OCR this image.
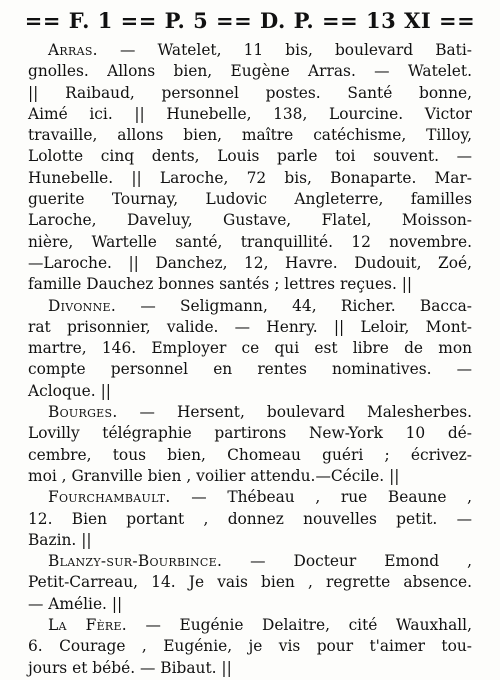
== F. 1 == P. 5 == D. P. == 13 XI ==
Arras. — Watelet, 11 bis, boulevard Bati-
gnolles. Allons bien, Eugène Arras. — Watelet.
|| Raibaud, personnel postes. Santé bonne,
Aimé ici. || Hunebelle, 138, Lourcine. Victor
travaille, allons bien, maître catéchisme, Tilloy,
Lolotte cinq dents, Louis parle toi souvent. —
Hunebelle. || Laroche, 72 bis, Bonaparte. Mar-
guerite Tournay, Ludovic Angleterre, familles
Laroche, Daveluy, Gustave, Flatel, Moisson-
nière, Wartelle santé, tranquillité. 12 novembre.
—Laroche. || Danchez, 12, Havre. Dudouit, Zoé,
famille Dauchez bonnes santés ; lettres reçues. ||
Divonne. — Seligmann, 44, Richer. Bacca-
rat prisonnier, valide. — Henry. || Leloir, Mont-
martre, 146. Employer ce qui est libre de mon
compte personnel en rentes nominatives. —
Acloque. ||
Bourges. — Hersent, boulevard Malesherbes.
Lovilly télégraphie partirons New-York 10 dé-
cembre, tous bien, Chomeau guéri ; écrivez-
moi , Granville bien , voilier attendu.—Cécile. ||
Fourchambault. — Thébeau , rue Beaune ,
12. Bien portant , donnez nouvelles petit. —
Bazin. ||
Blanzy-sur-Bourbince. — Docteur Emond ,
Petit-Carreau, 14. Je vais bien , regrette absence.
— Amélie. ||
La Fère. — Eugénie Delaitre, cité Wauxhall,
6. Courage , Eugénie, je vis pour t'aimer tou-
jours et bébé. — Bibaut. ||
